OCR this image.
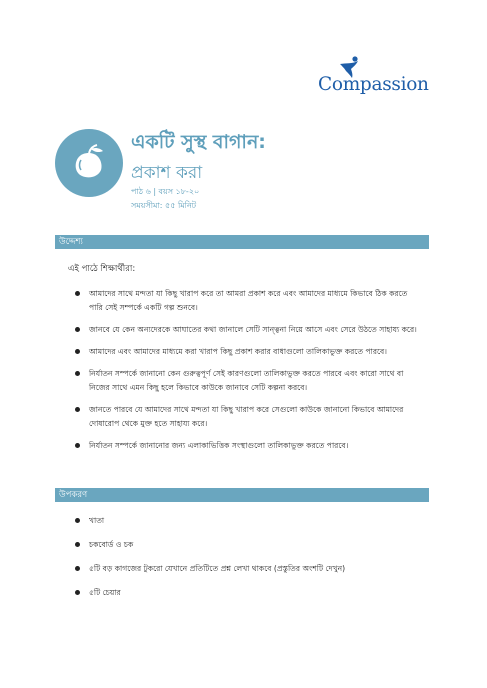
Compassion
একটি সুস্থ বাগান:
প্রকাশ করা
পাঠ ৬ | বয়স ১৮-২০
সময়সীমা: ৫৫ মিনিট
উদ্দেশ্য
এই পাঠে শিক্ষার্থীরা:
আমাদের সাথে মন্দতা যা কিছু খারাপ করে তা আমরা প্রকাশ করে এবং আমাদের মাধ্যমে কিভাবে ঠিক করতে পারি সেই সম্পর্কে একটি গল্প শুনবে।
জানবে যে কেন অন্যদেরকে আঘাতের কথা জানালে সেটি সান্ত্বনা নিয়ে আসে এবং সেরে উঠতে সাহায্য করে।
আমাদের এবং আমাদের মাধ্যমে করা খারাপ কিছু প্রকাশ করার বাধাগুলো তালিকাভুক্ত করতে পারবে।
নির্যাতন সম্পর্কে জানানো কেন গুরুত্বপূর্ণ সেই কারণগুলো তালিকাভুক্ত করতে পারবে এবং কারো সাথে বা নিজের সাথে এমন কিছু হলে কিভাবে কাউকে জানাবে সেটি কল্পনা করবে।
জানতে পারবে যে আমাদের সাথে মন্দতা যা কিছু খারাপ করে সেগুলো কাউকে জানানো কিভাবে আমাদের দোষারোপ থেকে মুক্ত হতে সাহায্য করে।
নির্যাতন সম্পর্কে জানানোর জন্য এলাকাভিত্তিক সংস্থাগুলো তালিকাভুক্ত করতে পারবে।
উপকরণ
খাতা
চকবোর্ড ও চক
৫টি বড় কাগজের টুকরো যেখানে প্রতিটিতে প্রশ্ন লেখা থাকবে (প্রস্তুতির অংশটি দেখুন)
৫টি চেয়ার
